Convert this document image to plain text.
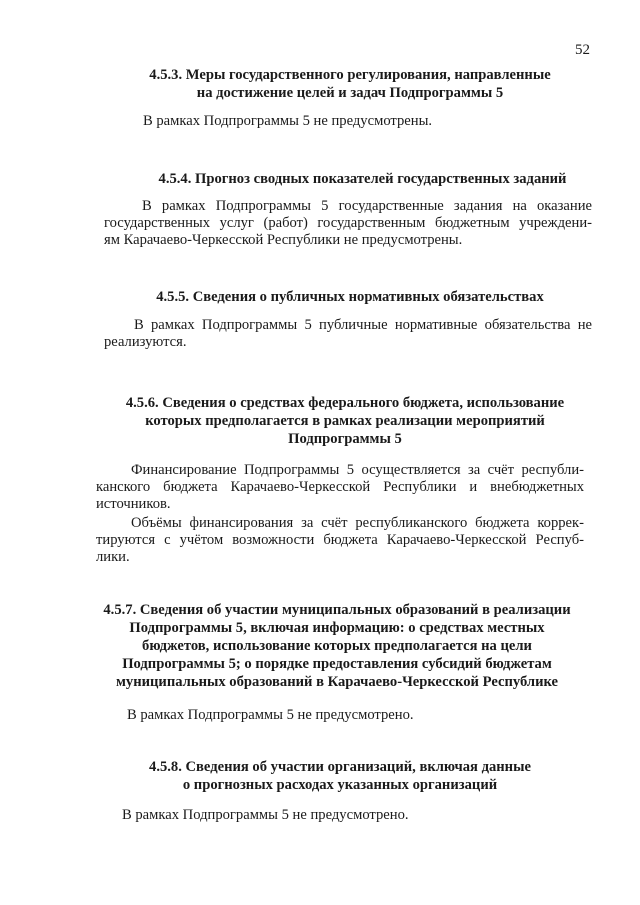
52
4.5.3. Меры государственного регулирования, направленные
на достижение целей и задач Подпрограммы 5

В рамках Подпрограммы 5 не предусмотрены.

4.5.4. Прогноз сводных показателей государственных заданий

В рамках Подпрограммы 5 государственные задания на оказание
государственных услуг (работ) государственным бюджетным учреждени-
ям Карачаево-Черкесской Республики не предусмотрены.

4.5.5. Сведения о публичных нормативных обязательствах

В рамках Подпрограммы 5 публичные нормативные обязательства не
реализуются.

4.5.6. Сведения о средствах федерального бюджета, использование
которых предполагается в рамках реализации мероприятий
Подпрограммы 5

Финансирование Подпрограммы 5 осуществляется за счёт республи-
канского бюджета Карачаево-Черкесской Республики и внебюджетных
источников.

Объёмы финансирования за счёт республиканского бюджета коррек-
тируются с учётом возможности бюджета Карачаево-Черкесской Респуб-
лики.

4.5.7. Сведения об участии муниципальных образований в реализации
Подпрограммы 5, включая информацию: о средствах местных
бюджетов, использование которых предполагается на цели
Подпрограммы 5; о порядке предоставления субсидий бюджетам
муниципальных образований в Карачаево-Черкесской Республике

В рамках Подпрограммы 5 не предусмотрено.

4.5.8. Сведения об участии организаций, включая данные
о прогнозных расходах указанных организаций

В рамках Подпрограммы 5 не предусмотрено.
